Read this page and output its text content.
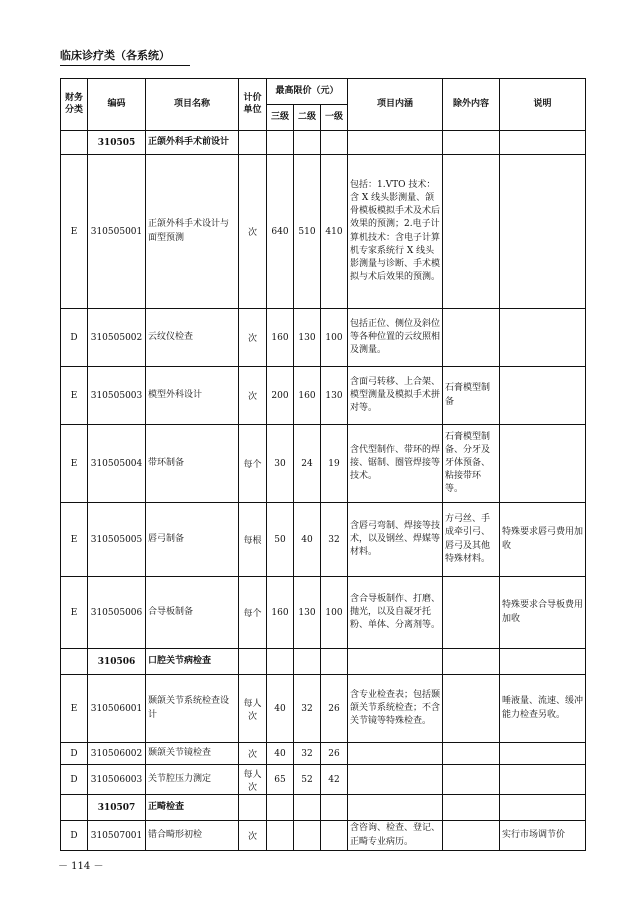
临床诊疗类（各系统）
财务分类	编码	项目名称	计价单位	最高限价（元）			项目内涵	除外内容	说明
				三级	二级	一级			
	310505	正颌外科手术前设计							
E	310505001	正颌外科手术设计与面型预测	次	640	510	410	包括：1.VTO 技术：含 X 线头影测量、颌骨模板模拟手术及术后效果的预测；2.电子计算机技术：含电子计算机专家系统行 X 线头影测量与诊断、手术模拟与术后效果的预测。		
D	310505002	云纹仪检查	次	160	130	100	包括正位、侧位及斜位等各种位置的云纹照相及测量。		
E	310505003	模型外科设计	次	200	160	130	含面弓转移、上合架、模型测量及模拟手术拼对等。	石膏模型制备	
E	310505004	带环制备	每个	30	24	19	含代型制作、带环的焊接、锯制、圈管焊接等技术。	石膏模型制备、分牙及牙体预备、粘接带环等。	
E	310505005	唇弓制备	每根	50	40	32	含唇弓弯制、焊接等技术，以及钢丝、焊媒等材料。	方弓丝、手成牵引弓、唇弓及其他特殊材料。	特殊要求唇弓费用加收
E	310505006	合导板制备	每个	160	130	100	含合导板制作、打磨、抛光，以及自凝牙托粉、单体、分离剂等。		特殊要求合导板费用加收
	310506	口腔关节病检查							
E	310506001	颞颌关节系统检查设计	每人次	40	32	26	含专业检查表；包括颞颌关节系统检查；不含关节镜等特殊检查。		唾液量、流速、缓冲能力检查另收。
D	310506002	颞颌关节镜检查	次	40	32	26			
D	310506003	关节腔压力测定	每人次	65	52	42			
	310507	正畸检查							
D	310507001	错合畸形初检	次				含咨询、检查、登记、正畸专业病历。		实行市场调节价
－ 114 －
